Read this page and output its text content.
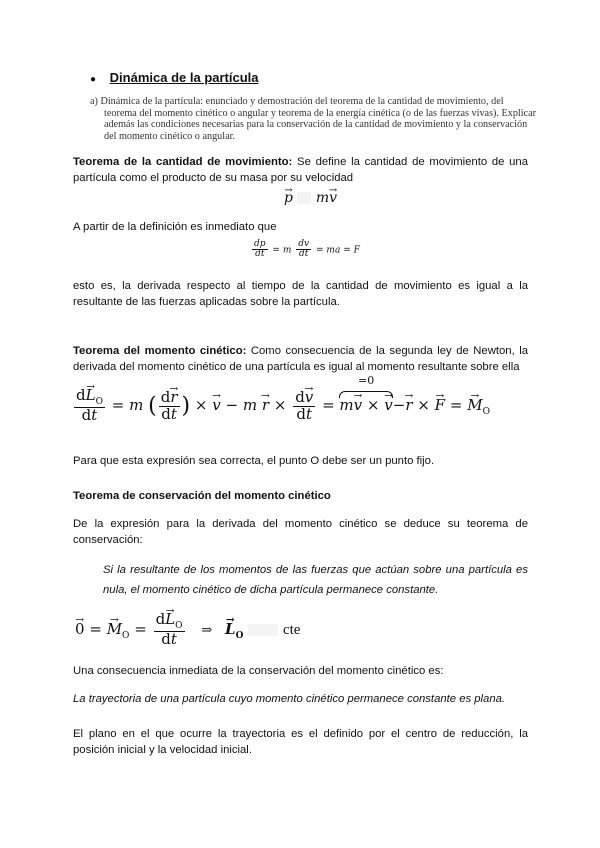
● Dinámica de la partícula
a) Dinámica de la partícula: enunciado y demostración del teorema de la cantidad de movimiento, del
teorema del momento cinético o angular y teorema de la energía cinética (o de las fuerzas vivas). Explicar
además las condiciones necesarias para la conservación de la cantidad de movimiento y la conservación
del momento cinético o angular.
Teorema de la cantidad de movimiento: Se define la cantidad de movimiento de una partícula como el producto de su masa por su velocidad
→ p m→ v
A partir de la definición es inmediato que
$\frac{dp}{dt} = m \frac{dv}{dt}$ = ma = F
esto es, la derivada respecto al tiempo de la cantidad de movimiento es igual a la resultante de las fuerzas aplicadas sobre la partícula.
Teorema del momento cinético: Como consecuencia de la segunda ley de Newton, la derivada del momento cinético de una partícula es igual al momento resultante sobre ella
$\frac{d\to L_O}{dt} = m$ ( $\frac{d\to r}{dt}$ ) × → $v - m \to r \times \frac{d\to v}{dt}$ =
=0
m→ v × → v−→ r × → F = → $M_O$
Para que esta expresión sea correcta, el punto O debe ser un punto fijo.
Teorema de conservación del momento cinético
De la expresión para la derivada del momento cinético se deduce su teorema de conservación:
Si la resultante de los momentos de las fuerzas que actúan sobre una partícula es nula, el momento cinético de dicha partícula permanece constante.
→ 0 = → $M_O = \frac{d\to L_O}{dt}$ ⇒ → $L_O$	cte
Una consecuencia inmediata de la conservación del momento cinético es:
La trayectoria de una partícula cuyo momento cinético permanece constante es plana.
El plano en el que ocurre la trayectoria es el definido por el centro de reducción, la posición inicial y la velocidad inicial.
